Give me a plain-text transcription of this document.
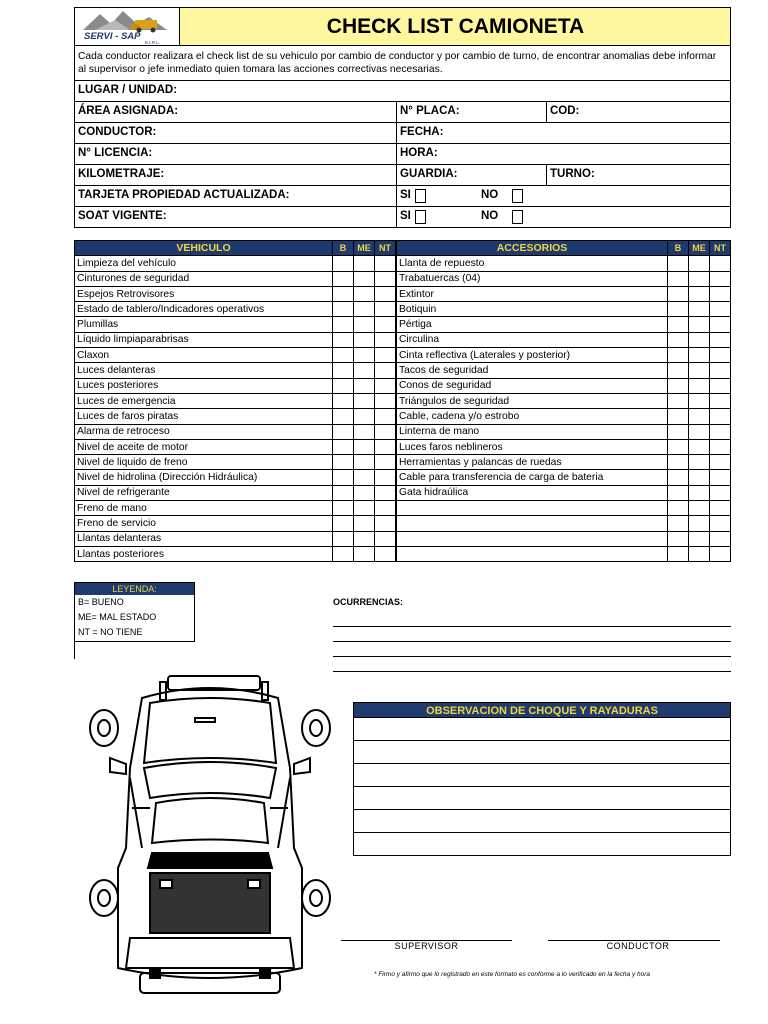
SERVI - SAP
E.I.R.L.
CHECK LIST CAMIONETA
Cada conductor realizara el check list de su vehiculo por cambio de conductor y por cambio de turno, de encontrar anomalias debe informar al supervisor o jefe inmediato quien tomara las acciones correctivas necesarias.
LUGAR / UNIDAD:
ÁREA ASIGNADA:	N° PLACA:	COD:
CONDUCTOR:	FECHA:
N° LICENCIA:	HORA:
KILOMETRAJE:	GUARDIA:	TURNO:
TARJETA PROPIEDAD ACTUALIZADA:	SI	NO
SOAT VIGENTE:	SI	NO
VEHICULO	B	ME	NT
Limpieza del vehículo			
Cinturones de seguridad			
Espejos Retrovisores			
Estado de tablero/Indicadores operativos			
Plumillas			
Líquido limpiaparabrisas			
Claxon			
Luces delanteras			
Luces posteriores			
Luces de emergencia			
Luces de faros piratas			
Alarma de retroceso			
Nivel de aceite de motor			
Nivel de liquido de freno			
Nivel de hidrolina (Dirección Hidráulica)			
Nivel de refrigerante			
Freno de mano			
Freno de servicio			
Llantas delanteras			
Llantas posteriores			
ACCESORIOS	B	ME	NT
Llanta de repuesto			
Trabatuercas (04)			
Extintor			
Botiquin			
Pértiga			
Circulina			
Cinta reflectiva (Laterales y posterior)			
Tacos de seguridad			
Conos de seguridad			
Triángulos de seguridad			
Cable, cadena y/o estrobo			
Linterna de mano			
Luces faros neblineros			
Herramientas y palancas de ruedas			
Cable para transferencia de carga de bateria			
Gata hidraúlica			

LEYENDA:
B= BUENO
ME= MAL ESTADO
NT = NO TIENE
OCURRENCIAS:
OBSERVACION DE CHOQUE Y RAYADURAS
SUPERVISOR	CONDUCTOR
* Firmo y afirmo que lo registrado en este formato es conforme a lo verificado en la fecha y hora
